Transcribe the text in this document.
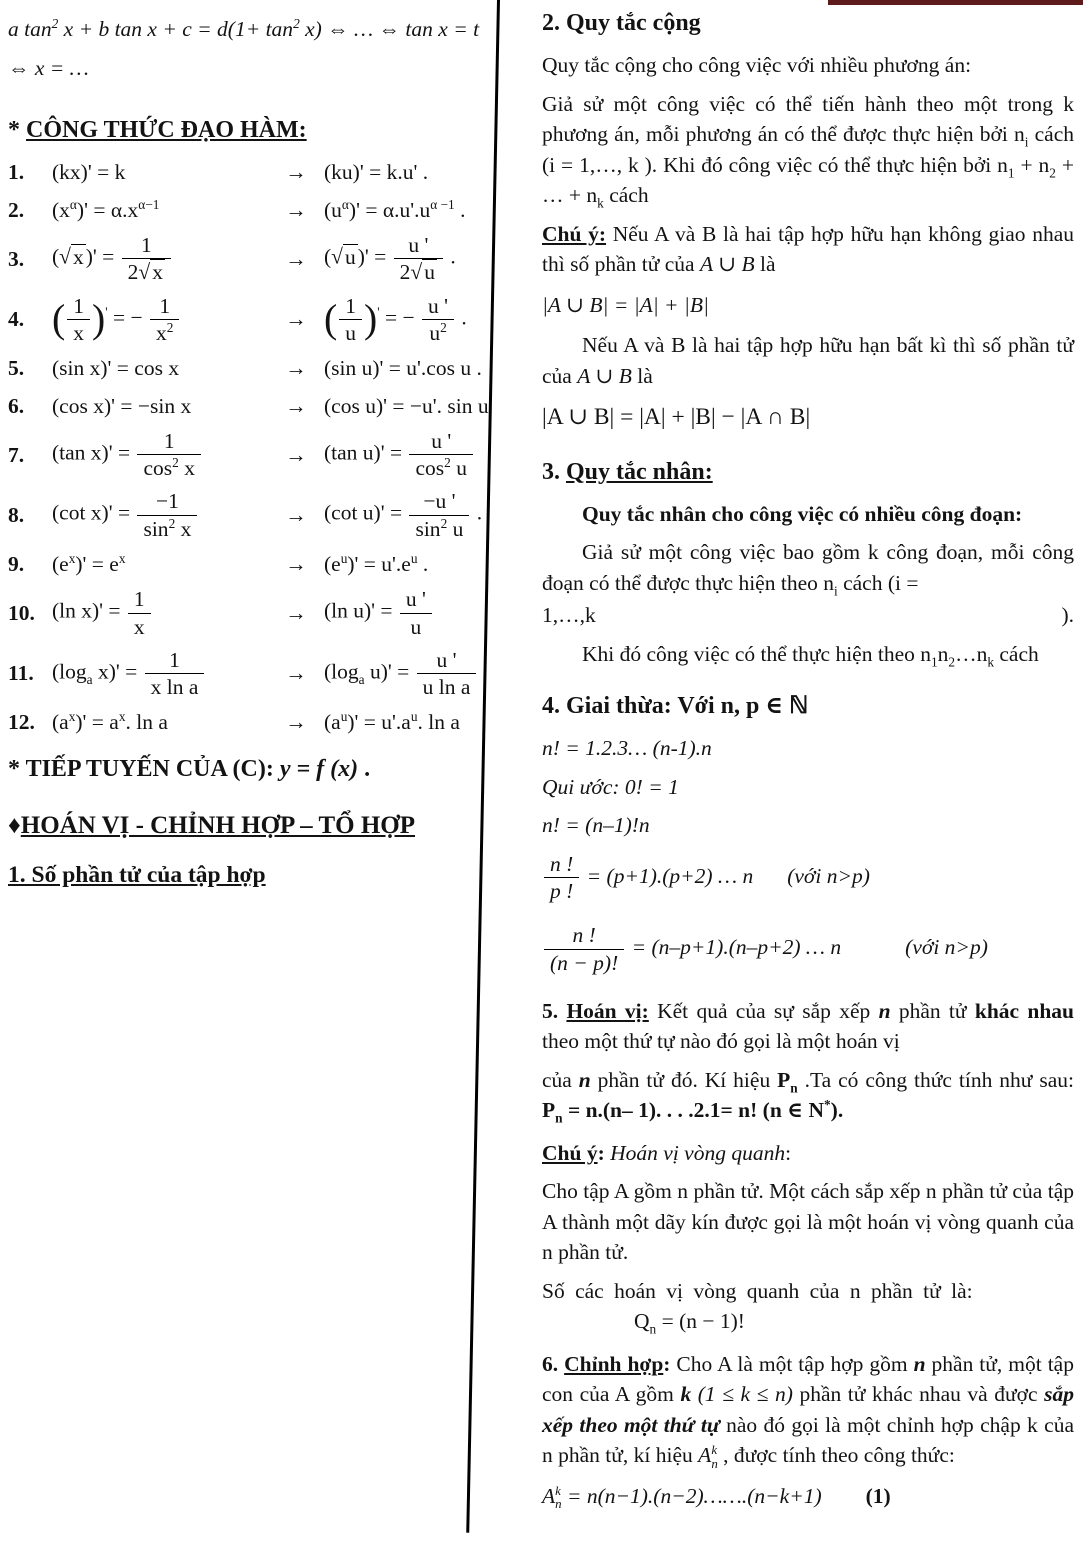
a $\tan^2 x + b$ $\tan x + c = d(1+ \tan^2 x)$ ⇔ … ⇔ tan x = t

⇔ x = …

* CÔNG THỨC ĐẠO HÀM:

1.	(kx)' = k	→ (ku)' = k.u' .
2.	$(x^\alpha)' = \alpha.x^{\alpha-1}$	→ $(u^\alpha)' = \alpha.u'.u^{\alpha -1}$ .
3.	$(√x)' = \frac{1}{2√x}$	→ $(√u)' = \frac{u '}{2√u}$ .
4. ( $\frac{1}{x} )'$ = − $\frac{1}{x^2}$	→ ( $\frac{1}{u} )'$ = − $\frac{u '}{u^2}$ .
5.	(sin x)' = cos x	→ (sin u)' = u'.cos u .
6.	(cos x)' = −sin x	→ (cos u)' = −u'. sin u
7.	(tan $x)' = \frac{1}{\cos^2 x}$	→ (tan $u)' = \frac{u '}{\cos^2 u}$
8.	(cot $x)' = \frac{-1}{\sin^2 x}$	→ (cot $u)' = \frac{-u '}{\sin^2 u}$ .
9.	$(e^x)' = e^x$	→ $(e^u)' = u'.e^u$ .
10. (ln $x)' = \frac{1}{x}$	→ (ln $u)' = \frac{u '}{u}$
11. ($\log_a$ $x)' = \frac{1}{\text{x ln a}}$	→ ($\log_a$ $u)' = \frac{u '}{\text{u ln a}}$
12. $(a^x)' = a^x$. ln a	→ $(a^u)' = u'.a^u$. ln a

* TIẾP TUYẾN CỦA (C): y = f (x) .

♦HOÁN VỊ - CHỈNH HỢP – TỔ HỢP

1. Số phần tử của tập hợp

2. Quy tắc cộng

Quy tắc cộng cho công việc với nhiều phương án:

Giả sử một công việc có thể tiến hành theo một trong k phương án, mỗi phương án có thể được thực hiện bởi $n_i$ cách (i = 1,…, k ). Khi đó công việc có thể thực hiện bởi $n_1 + n_2$ + … + $n_k$ cách

Chú ý: Nếu A và B là hai tập hợp hữu hạn không giao nhau thì số phần tử của A ∪ B là

|A ∪ B| = |A| + |B|

Nếu A và B là hai tập hợp hữu hạn bất kì thì số phần tử của A ∪ B là

|A ∪ B| = |A| + |B| − |A ∩ B|

3. Quy tắc nhân:

Quy tắc nhân cho công việc có nhiều công đoạn:

Giả sử một công việc bao gồm k công đoạn, mỗi công đoạn có thể được thực hiện theo $n_i$ cách (i =

1,…,k	).

Khi đó công việc có thể thực hiện theo $n_1n_2\dots n_k$ cách

4. Giai thừa: Với n, p ∈ ℕ

n! = 1.2.3… (n-1).n

Qui ước: 0! = 1

n! = (n–1)!n

$\frac{n !}{p !} = (p+1).(p+2)$ … n (với n>p)

$\frac{n !}{(n - p)!} = (n-p+1).(n-p+2)$ … n	(với n>p)

5. Hoán vị: Kết quả của sự sắp xếp n phần tử khác nhau theo một thứ tự nào đó gọi là một hoán vị

của n phần tử đó. Kí hiệu $P_n$ .Ta có công thức tính như sau: $P_n = n.(n-$ 1). . . .2.1= n! (n ∈ N*).

Chú ý: Hoán vị vòng quanh:

Cho tập A gồm n phần tử. Một cách sắp xếp n phần tử của tập A thành một dãy kín được gọi là một hoán vị vòng quanh của n phần tử.

Số các hoán vị vòng quanh của n phần tử là:

$Q_n = (n - 1)$!

6. Chỉnh hợp: Cho A là một tập hợp gồm n phần tử, một tập con của A gồm k (1 ≤ k ≤ n) phần tử khác nhau và được sắp xếp theo một thứ tự nào đó gọi là một chỉnh hợp chập k của n phần tử, kí hiệu A k
n , được tính theo công thức:

A k
n = n(n−1).(n−2)…….(n−k+1) (1)
